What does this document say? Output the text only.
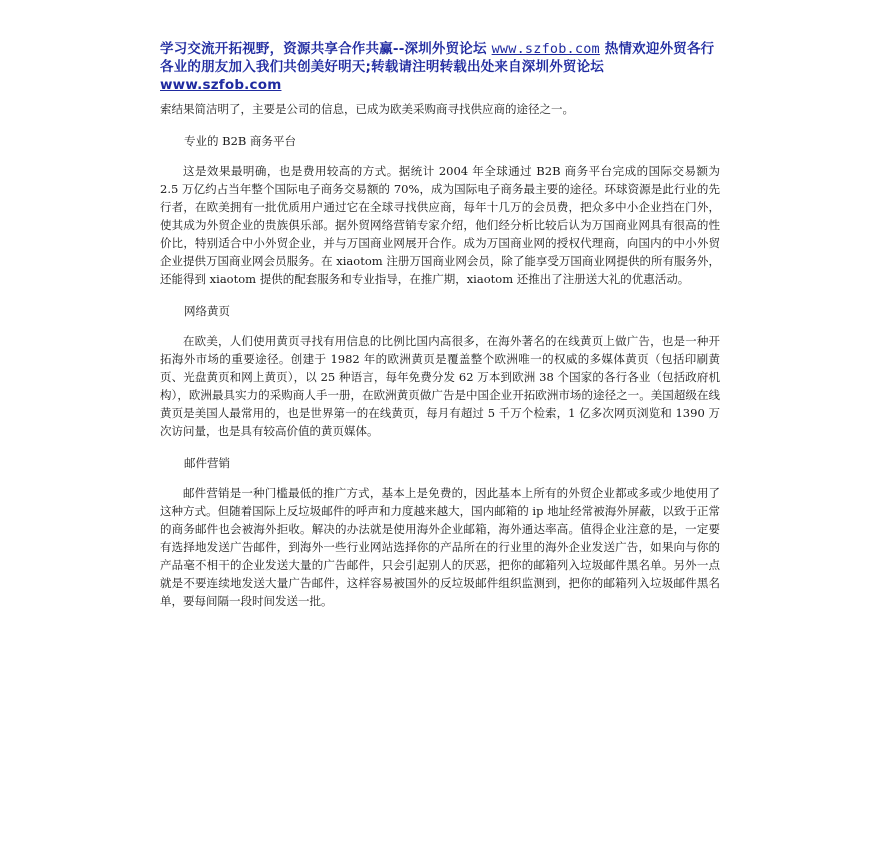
学习交流开拓视野，资源共享合作共赢--深圳外贸论坛 www.szfob.com 热情欢迎外贸各行各业的朋友加入我们共创美好明天;转载请注明转载出处来自深圳外贸论坛 www.szfob.com

索结果简洁明了，主要是公司的信息，已成为欧美采购商寻找供应商的途径之一。

专业的 B2B 商务平台

这是效果最明确，也是费用较高的方式。据统计 2004 年全球通过 B2B 商务平台完成的国际交易额为 2.5 万亿约占当年整个国际电子商务交易额的 70%，成为国际电子商务最主要的途径。环球资源是此行业的先行者，在欧美拥有一批优质用户通过它在全球寻找供应商，每年十几万的会员费，把众多中小企业挡在门外，使其成为外贸企业的贵族俱乐部。据外贸网络营销专家介绍，他们经分析比较后认为万国商业网具有很高的性价比，特别适合中小外贸企业，并与万国商业网展开合作。成为万国商业网的授权代理商，向国内的中小外贸企业提供万国商业网会员服务。在 xiaotom 注册万国商业网会员，除了能享受万国商业网提供的所有服务外，还能得到 xiaotom 提供的配套服务和专业指导，在推广期，xiaotom 还推出了注册送大礼的优惠活动。

网络黄页

在欧美，人们使用黄页寻找有用信息的比例比国内高很多，在海外著名的在线黄页上做广告，也是一种开拓海外市场的重要途径。创建于 1982 年的欧洲黄页是覆盖整个欧洲唯一的权威的多媒体黄页（包括印刷黄页、光盘黄页和网上黄页），以 25 种语言，每年免费分发 62 万本到欧洲 38 个国家的各行各业（包括政府机构），欧洲最具实力的采购商人手一册，在欧洲黄页做广告是中国企业开拓欧洲市场的途径之一。美国超级在线黄页是美国人最常用的，也是世界第一的在线黄页，每月有超过 5 千万个检索，1 亿多次网页浏览和 1390 万次访问量，也是具有较高价值的黄页媒体。

邮件营销

邮件营销是一种门槛最低的推广方式，基本上是免费的，因此基本上所有的外贸企业都或多或少地使用了这种方式。但随着国际上反垃圾邮件的呼声和力度越来越大，国内邮箱的 ip 地址经常被海外屏蔽，以致于正常的商务邮件也会被海外拒收。解决的办法就是使用海外企业邮箱，海外通达率高。值得企业注意的是，一定要有选择地发送广告邮件，到海外一些行业网站选择你的产品所在的行业里的海外企业发送广告，如果向与你的产品毫不相干的企业发送大量的广告邮件，只会引起别人的厌恶，把你的邮箱列入垃圾邮件黑名单。另外一点就是不要连续地发送大量广告邮件，这样容易被国外的反垃圾邮件组织监测到，把你的邮箱列入垃圾邮件黑名单，要每间隔一段时间发送一批。
